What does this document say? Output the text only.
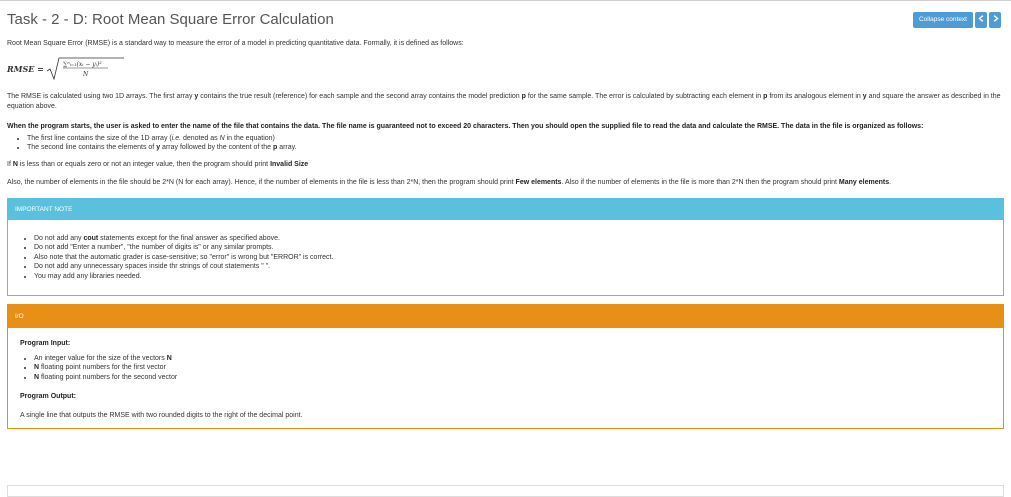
Task - 2 - D: Root Mean Square Error Calculation	Collapse context

Root Mean Square Error (RMSE) is a standard way to measure the error of a model in predicting quantitative data. Formally, it is defined as follows:

RMSE =	∑ⁿᵢ₌₁(xᵢ − yᵢ)²
N

The RMSE is calculated using two 1D arrays. The first array y contains the true result (reference) for each sample and the second array contains the model prediction p for the same sample. The error is calculated by subtracting each element in p from its analogous element in y and square the answer as described in the equation above.

When the program starts, the user is asked to enter the name of the file that contains the data. The file name is guaranteed not to exceed 20 characters. Then you should open the supplied file to read the data and calculate the RMSE. The data in the file is organized as follows:

• The first line contains the size of the 1D array (i.e. denoted as N in the equation)
• The second line contains the elements of y array followed by the content of the p array.

If N is less than or equals zero or not an integer value, then the program should print Invalid Size

Also, the number of elements in the file should be 2*N (N for each array). Hence, if the number of elements in the file is less than 2*N, then the program should print Few elements. Also if the number of elements in the file is more than 2*N then the program should print Many elements.

IMPORTANT NOTE
• Do not add any cout statements except for the final answer as specified above.
• Do not add "Enter a number", "the number of digits is" or any similar prompts.
• Also note that the automatic grader is case-sensitive; so "error" is wrong but "ERROR" is correct.
• Do not add any unnecessary spaces inside thr strings of cout statements " ".
• You may add any libraries needed.
I/O

Program Input:

• An integer value for the size of the vectors N
• N floating point numbers for the first vector
• N floating point numbers for the second vector

Program Output:

A single line that outputs the RMSE with two rounded digits to the right of the decimal point.
